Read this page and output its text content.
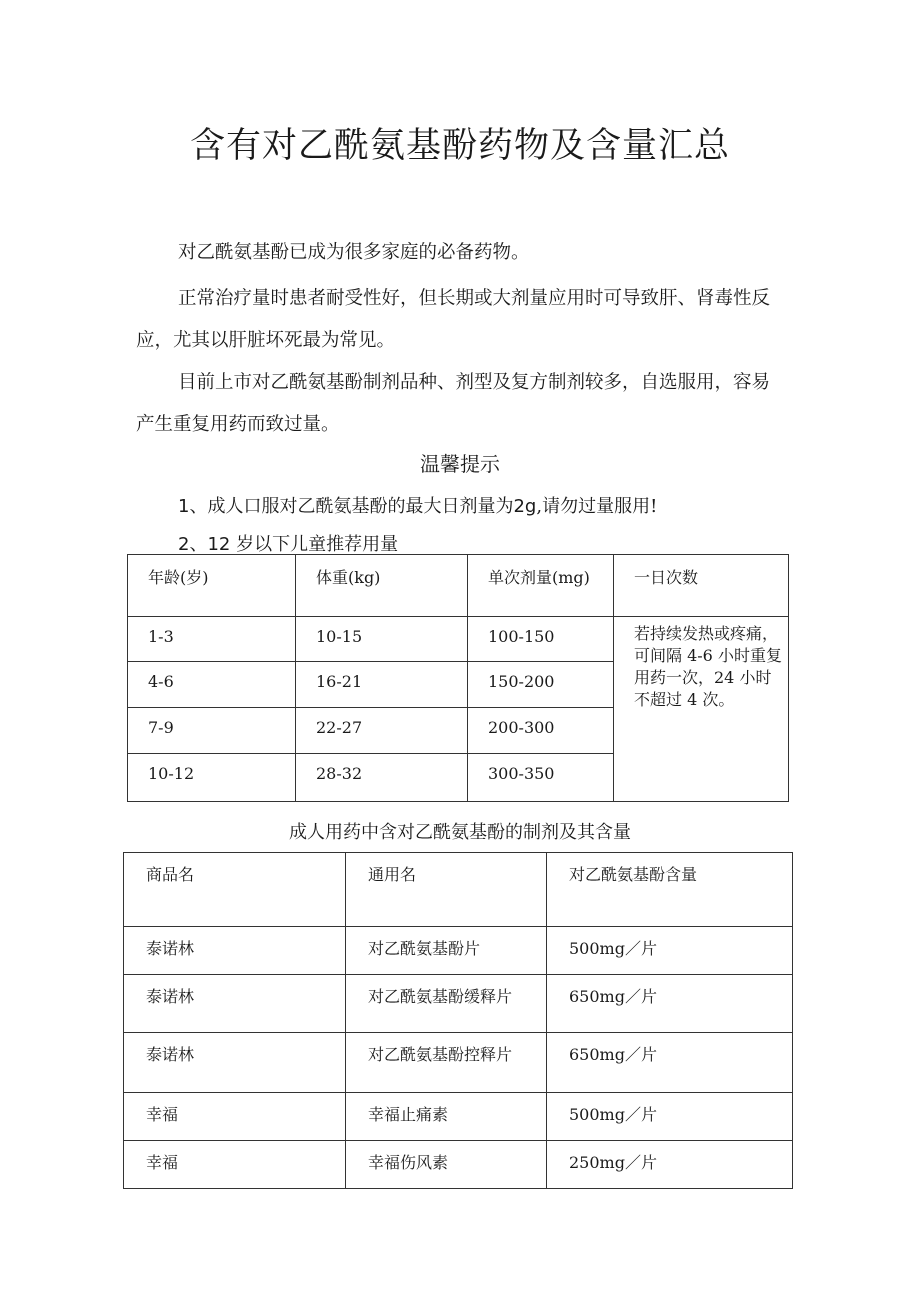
含有对乙酰氨基酚药物及含量汇总
对乙酰氨基酚已成为很多家庭的必备药物。
正常治疗量时患者耐受性好，但长期或大剂量应用时可导致肝、肾毒性反应，尤其以肝脏坏死最为常见。
目前上市对乙酰氨基酚制剂品种、剂型及复方制剂较多，自选服用，容易产生重复用药而致过量。
温馨提示
1、成人口服对乙酰氨基酚的最大日剂量为2g,请勿过量服用!
2、12 岁以下儿童推荐用量
年龄(岁)	体重(kg)	单次剂量(mg)	一日次数
1-3	10-15	100-150	若持续发热或疼痛，可间隔 4-6 小时重复用药一次，24 小时不超过 4 次。
4-6	16-21	150-200	
7-9	22-27	200-300	
10-12	28-32	300-350	
成人用药中含对乙酰氨基酚的制剂及其含量
商品名	通用名	对乙酰氨基酚含量
泰诺林	对乙酰氨基酚片	500mg／片
泰诺林	对乙酰氨基酚缓释片	650mg／片
泰诺林	对乙酰氨基酚控释片	650mg／片
幸福	幸福止痛素	500mg／片
幸福	幸福伤风素	250mg／片
